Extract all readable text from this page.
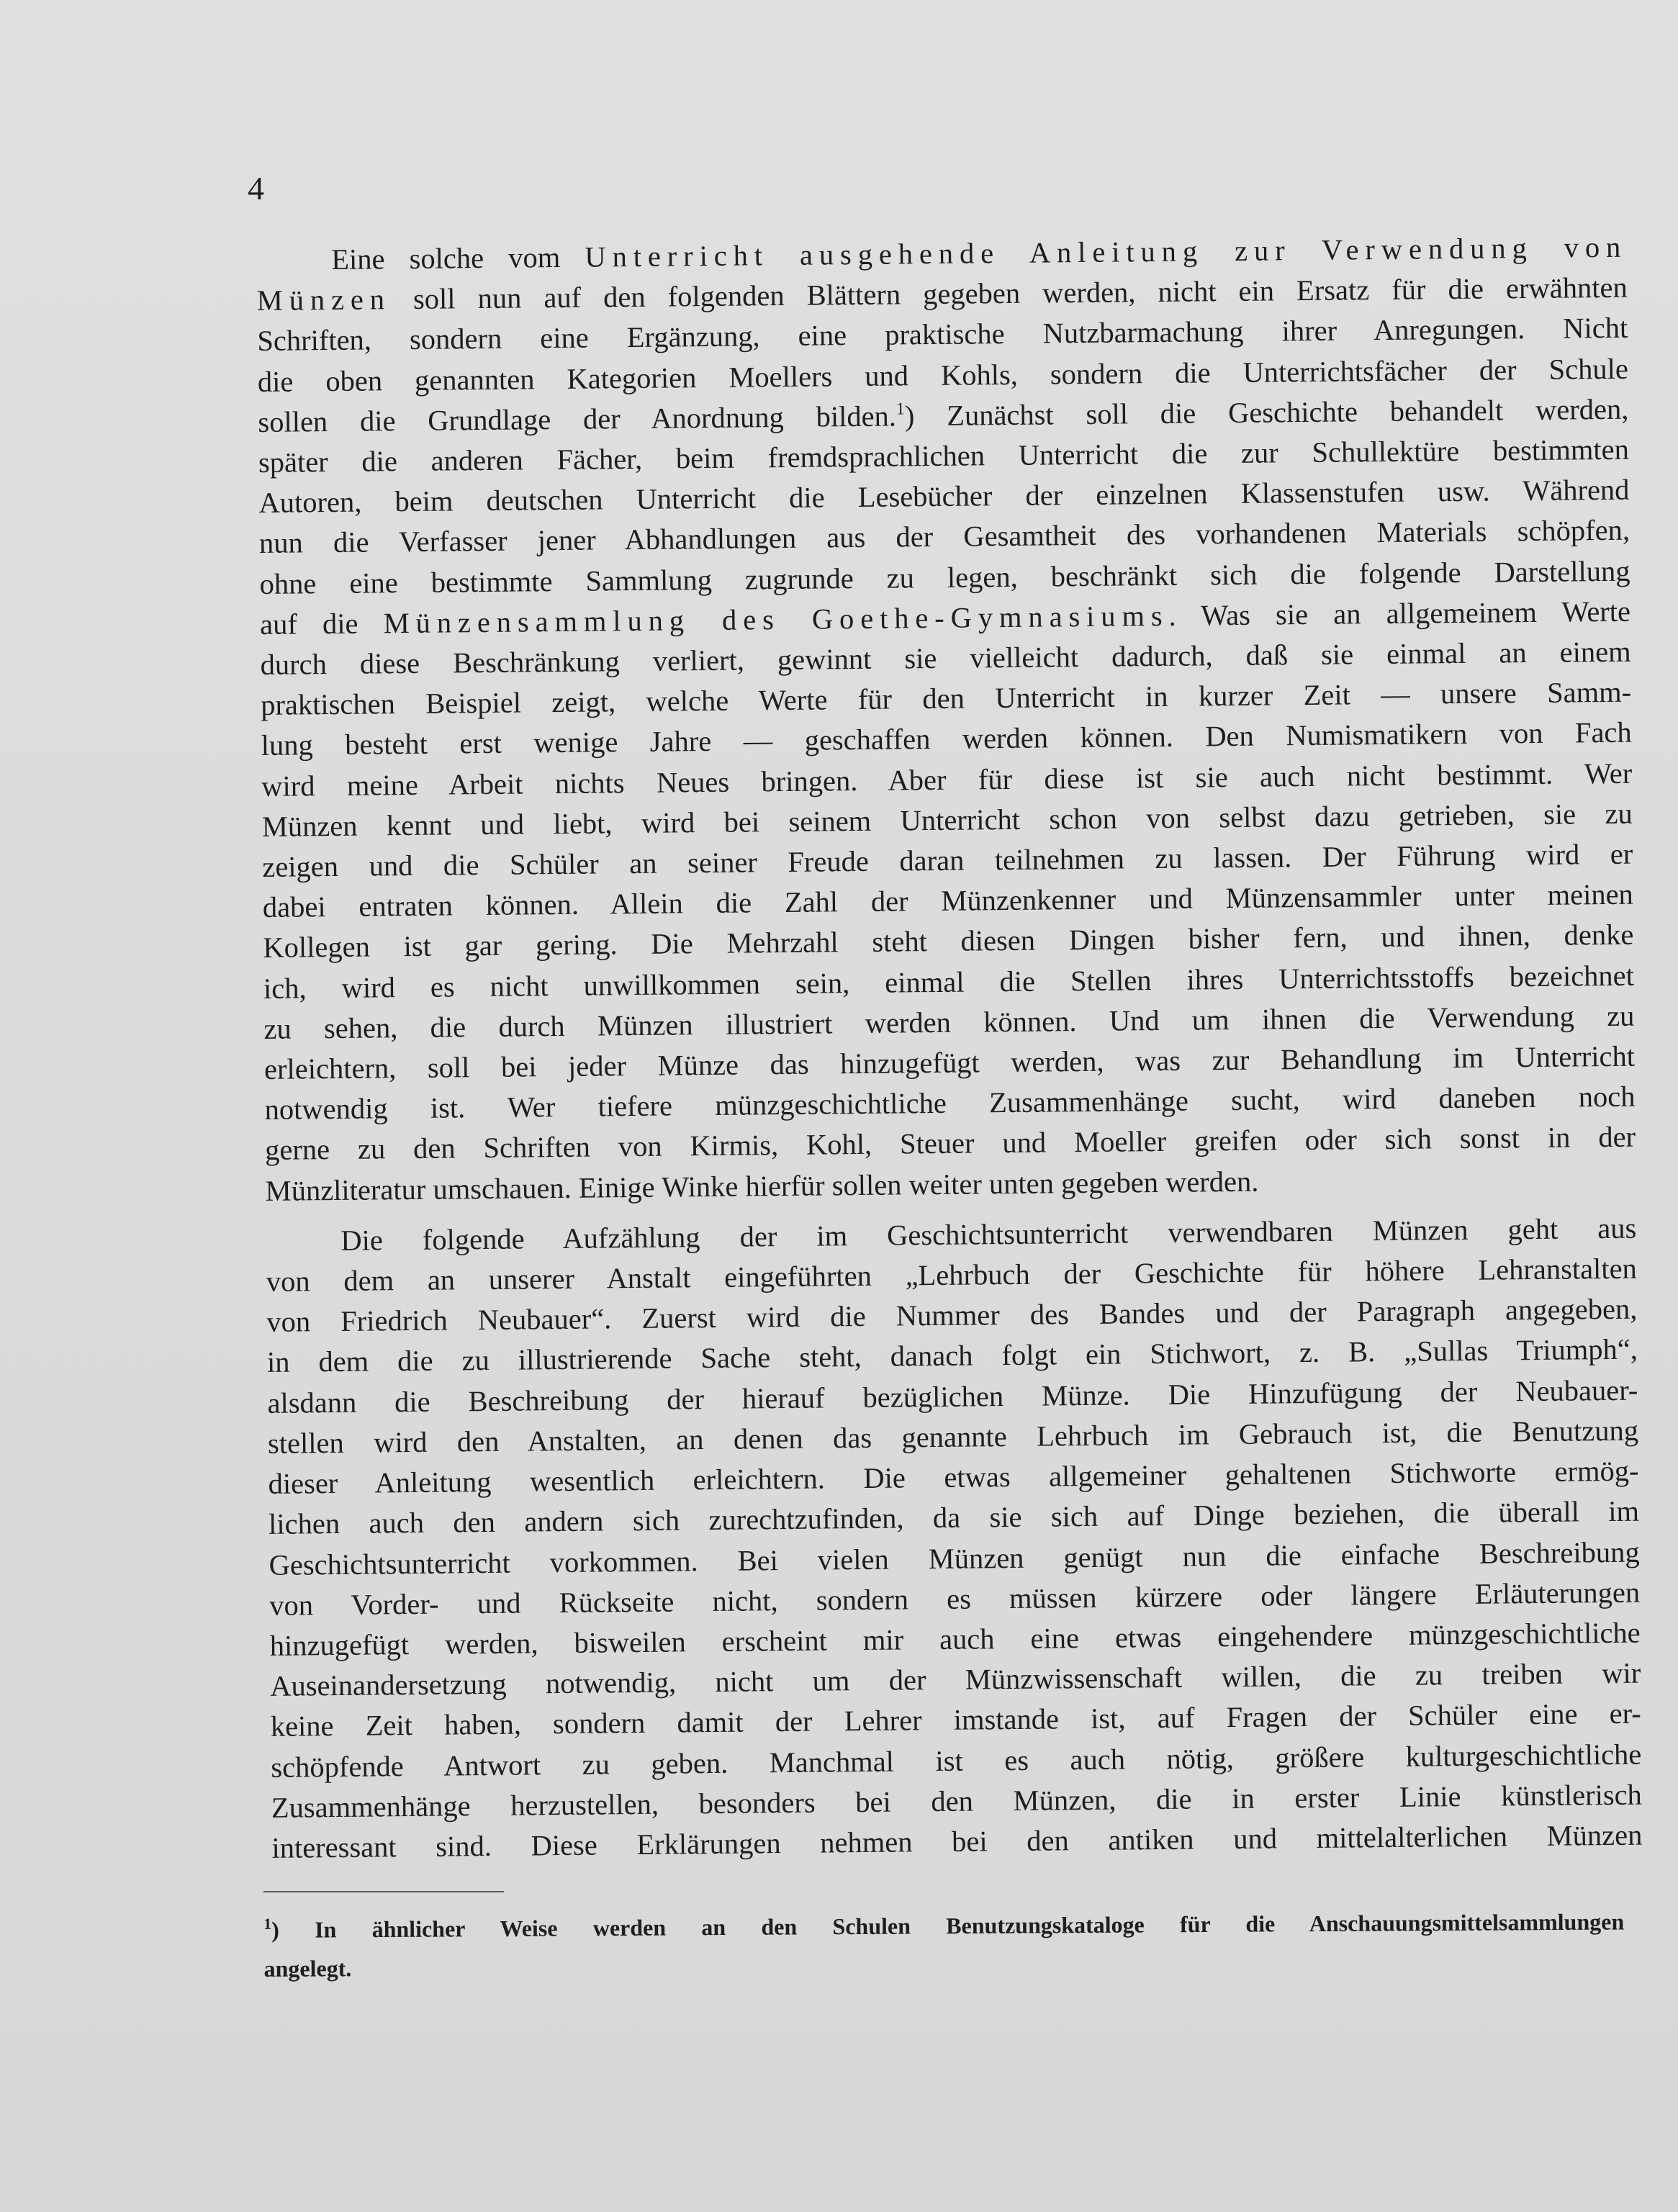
4

Eine solche vom Unterricht ausgehende Anleitung zur Verwendung von
Münzen soll nun auf den folgenden Blättern gegeben werden, nicht ein Ersatz für die erwähnten
Schriften, sondern eine Ergänzung, eine praktische Nutzbarmachung ihrer Anregungen. Nicht
die oben genannten Kategorien Moellers und Kohls, sondern die Unterrichtsfächer der Schule
sollen die Grundlage der Anordnung bilden.$^1$) Zunächst soll die Geschichte behandelt werden,
später die anderen Fächer, beim fremdsprachlichen Unterricht die zur Schullektüre bestimmten
Autoren, beim deutschen Unterricht die Lesebücher der einzelnen Klassenstufen usw. Während
nun die Verfasser jener Abhandlungen aus der Gesamtheit des vorhandenen Materials schöpfen,
ohne eine bestimmte Sammlung zugrunde zu legen, beschränkt sich die folgende Darstellung
auf die Münzensammlung des Goethe-Gymnasiums. Was sie an allgemeinem Werte
durch diese Beschränkung verliert, gewinnt sie vielleicht dadurch, daß sie einmal an einem
praktischen Beispiel zeigt, welche Werte für den Unterricht in kurzer Zeit — unsere Samm-
lung besteht erst wenige Jahre — geschaffen werden können. Den Numismatikern von Fach
wird meine Arbeit nichts Neues bringen. Aber für diese ist sie auch nicht bestimmt. Wer
Münzen kennt und liebt, wird bei seinem Unterricht schon von selbst dazu getrieben, sie zu
zeigen und die Schüler an seiner Freude daran teilnehmen zu lassen. Der Führung wird er
dabei entraten können. Allein die Zahl der Münzenkenner und Münzensammler unter meinen
Kollegen ist gar gering. Die Mehrzahl steht diesen Dingen bisher fern, und ihnen, denke
ich, wird es nicht unwillkommen sein, einmal die Stellen ihres Unterrichtsstoffs bezeichnet
zu sehen, die durch Münzen illustriert werden können. Und um ihnen die Verwendung zu
erleichtern, soll bei jeder Münze das hinzugefügt werden, was zur Behandlung im Unterricht
notwendig ist. Wer tiefere münzgeschichtliche Zusammenhänge sucht, wird daneben noch
gerne zu den Schriften von Kirmis, Kohl, Steuer und Moeller greifen oder sich sonst in der
Münzliteratur umschauen. Einige Winke hierfür sollen weiter unten gegeben werden.

Die folgende Aufzählung der im Geschichtsunterricht verwendbaren Münzen geht aus
von dem an unserer Anstalt eingeführten „Lehrbuch der Geschichte für höhere Lehranstalten
von Friedrich Neubauer“. Zuerst wird die Nummer des Bandes und der Paragraph angegeben,
in dem die zu illustrierende Sache steht, danach folgt ein Stichwort, z. B. „Sullas Triumph“,
alsdann die Beschreibung der hierauf bezüglichen Münze. Die Hinzufügung der Neubauer-
stellen wird den Anstalten, an denen das genannte Lehrbuch im Gebrauch ist, die Benutzung
dieser Anleitung wesentlich erleichtern. Die etwas allgemeiner gehaltenen Stichworte ermög-
lichen auch den andern sich zurechtzufinden, da sie sich auf Dinge beziehen, die überall im
Geschichtsunterricht vorkommen. Bei vielen Münzen genügt nun die einfache Beschreibung
von Vorder- und Rückseite nicht, sondern es müssen kürzere oder längere Erläuterungen
hinzugefügt werden, bisweilen erscheint mir auch eine etwas eingehendere münzgeschichtliche
Auseinandersetzung notwendig, nicht um der Münzwissenschaft willen, die zu treiben wir
keine Zeit haben, sondern damit der Lehrer imstande ist, auf Fragen der Schüler eine er-
schöpfende Antwort zu geben. Manchmal ist es auch nötig, größere kulturgeschichtliche
Zusammenhänge herzustellen, besonders bei den Münzen, die in erster Linie künstlerisch
interessant sind. Diese Erklärungen nehmen bei den antiken und mittelalterlichen Münzen

$^1$) In ähnlicher Weise werden an den Schulen Benutzungskataloge für die Anschauungsmittelsammlungen
angelegt.
